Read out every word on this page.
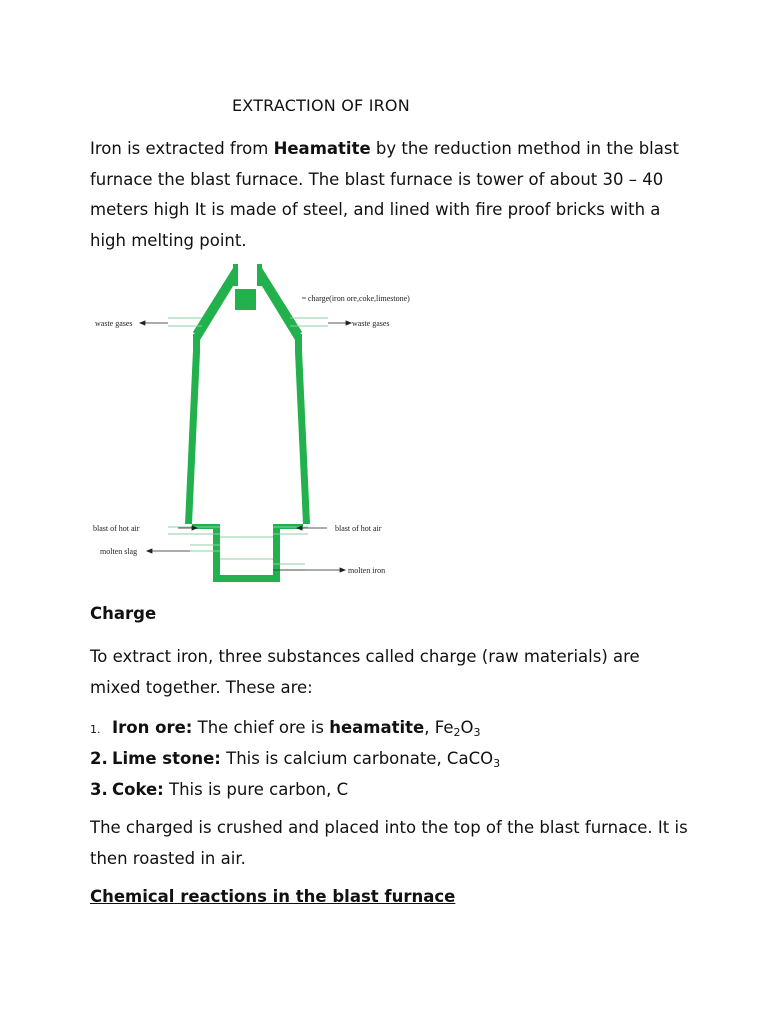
EXTRACTION OF IRON

Iron is extracted from Heamatite by the reduction method in the blast furnace the blast furnace. The blast furnace is tower of about 30 – 40 meters high It is made of steel, and lined with fire proof bricks with a high melting point.

charge(iron ore,coke,limestone)
waste gases	waste gases
blast of hot air	blast of hot air
molten slag
molten iron
Charge

To extract iron, three substances called charge (raw materials) are mixed together. These are:

1. Iron ore: The chief ore is heamatite, $Fe_2O_3$
2. Lime stone: This is calcium carbonate, CaCO$_3$
3. Coke: This is pure carbon, C

The charged is crushed and placed into the top of the blast furnace. It is then roasted in air.

Chemical reactions in the blast furnace
